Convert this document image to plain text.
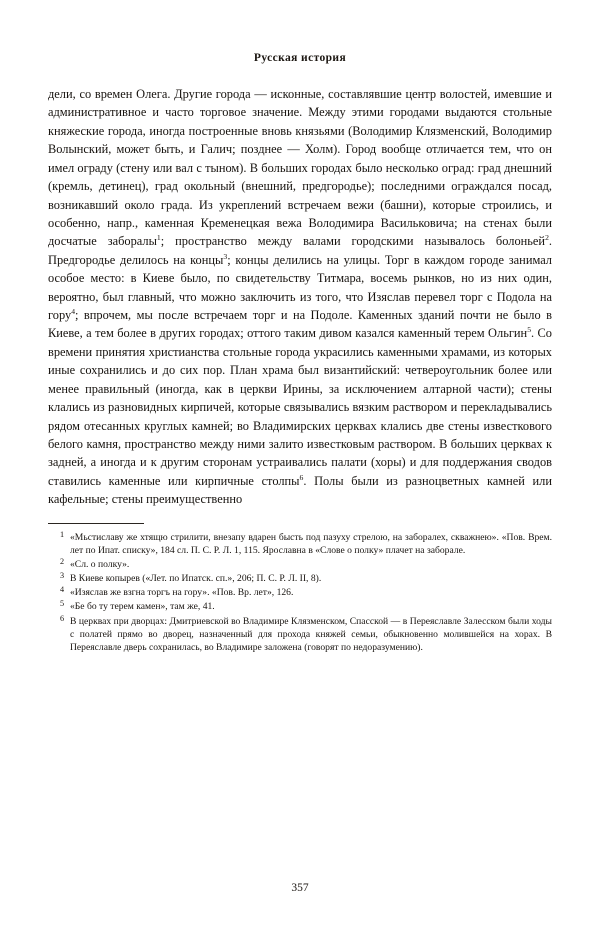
Русская история

дели, со времен Олега. Другие города — исконные, составлявшие центр волостей, имевшие и административное и часто торговое значение. Между этими городами выдаются стольные княжеские города, иногда построенные вновь князьями (Володимир Клязменский, Володимир Волынский, может быть, и Галич; позднее — Холм). Город вообще отличается тем, что он имел ограду (стену или вал с тыном). В больших городах было несколько оград: град днешний (кремль, детинец), град окольный (внешний, предгородье); последними ограждался посад, возникавший около града. Из укреплений встречаем вежи (башни), которые строились, и особенно, напр., каменная Кременецкая вежа Володимира Васильковича; на стенах были досчатые заборалы$^1$; пространство между валами городскими называлось болоньей$^2$. Предгородье делилось на концы$^3$; концы делились на улицы. Торг в каждом городе занимал особое место: в Киеве было, по свидетельству Титмара, восемь рынков, но из них один, вероятно, был главный, что можно заключить из того, что Изяслав перевел торг с Подола на гору$^4$; впрочем, мы после встречаем торг и на Подоле. Каменных зданий почти не было в Киеве, а тем более в других городах; оттого таким дивом казался каменный терем Ольгин$^5$. Со времени принятия христианства стольные города украсились каменными храмами, из которых иные сохранились и до сих пор. План храма был византийский: четвероугольник более или менее правильный (иногда, как в церкви Ирины, за исключением алтарной части); стены клались из разновидных кирпичей, которые связывались вязким раствором и перекладывались рядом отесанных круглых камней; во Владимирских церквах клались две стены известкового белого камня, пространство между ними залито известковым раствором. В больших церквах к задней, а иногда и к другим сторонам устраивались палати (хоры) и для поддержания сводов ставились каменные или кирпичные столпы$^6$. Полы были из разноцветных камней или кафельные; стены преимущественно

1 «Мьстиславу же хтящю стрилити, внезапу вдарен бысть под пазуху стрелою, на заборалех, скважнею». «Пов. Врем. лет по Ипат. списку», 184 сл. П. С. Р. Л. 1, 115. Ярославна в «Слове о полку» плачет на заборале.
2 «Сл. о полку».
3 В Киеве копырев («Лет. по Ипатск. сп.», 206; П. С. Р. Л. II, 8).
4 «Изяслав же взгна торгъ на гору». «Пов. Вр. лет», 126.
5 «Бе бо ту терем камен», там же, 41.
6 В церквах при дворцах: Дмитриевской во Владимире Клязменском, Спасской — в Переяславле Залесском были ходы с полатей прямо во дворец, назначенный для прохода княжей семьи, обыкновенно молившейся на хорах. В Переяславле дверь сохранилась, во Владимире заложена (говорят по недоразумению).
357
